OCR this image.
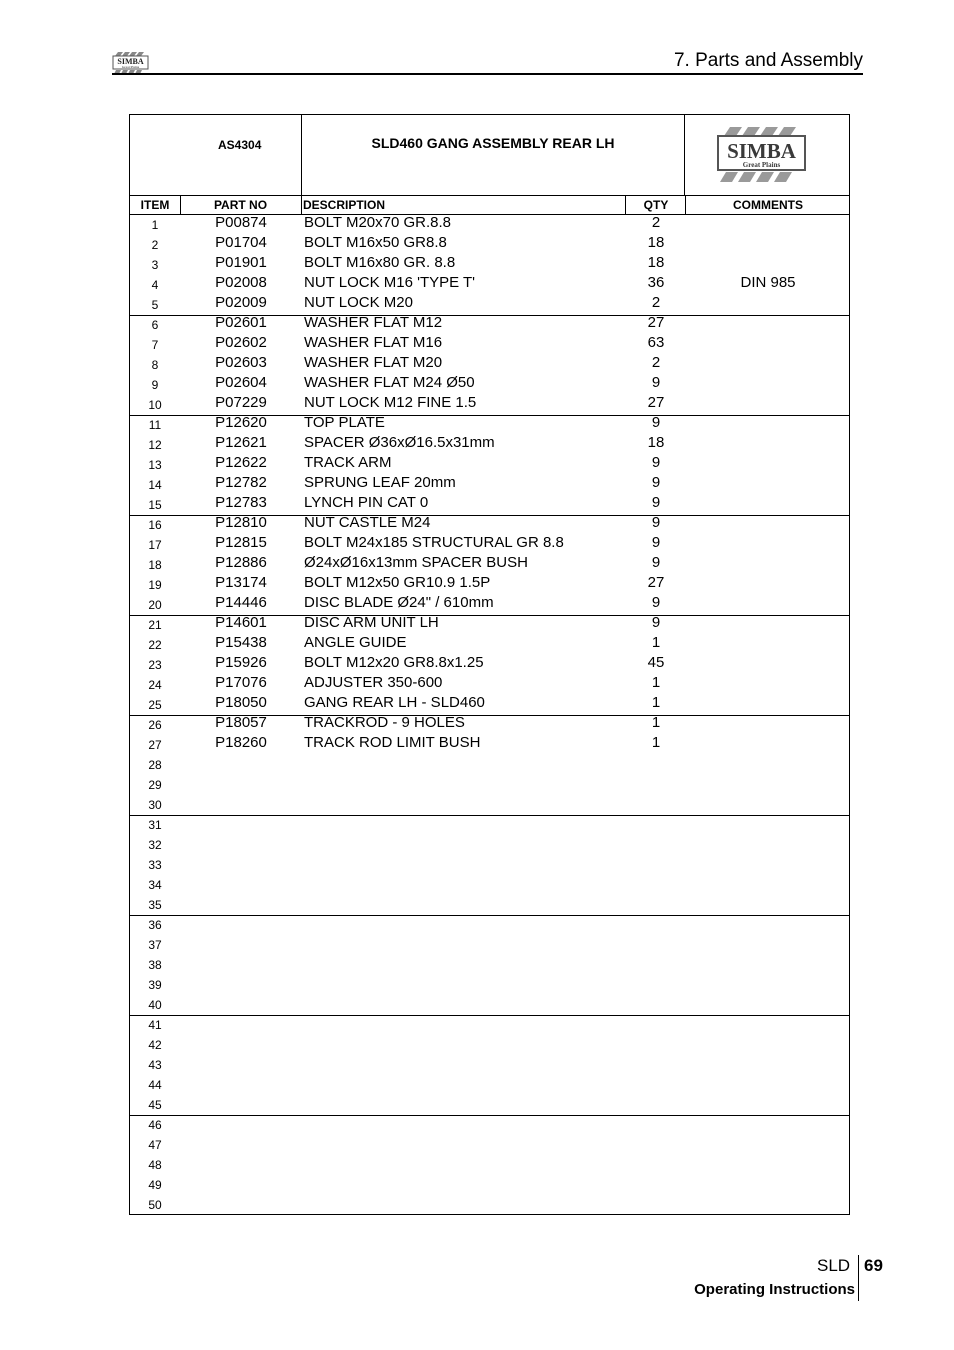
SIMBA
Great Plains	7. Parts and Assembly
AS4304	SLD460 GANG ASSEMBLY REAR LH	SIMBA
Great Plains
ITEM	PART NO	DESCRIPTION	QTY	COMMENTS
1	P00874	BOLT M20x70 GR.8.8	2
2	P01704	BOLT M16x50 GR8.8	18
3	P01901	BOLT M16x80 GR. 8.8	18
4	P02008	NUT LOCK M16 'TYPE T'	36	DIN 985
5	P02009	NUT LOCK M20	2
6	P02601	WASHER FLAT M12	27
7	P02602	WASHER FLAT M16	63
8	P02603	WASHER FLAT M20	2
9	P02604	WASHER FLAT M24 Ø50	9
10	P07229	NUT LOCK M12 FINE 1.5	27
11	P12620	TOP PLATE	9
12	P12621	SPACER Ø36xØ16.5x31mm	18
13	P12622	TRACK ARM	9
14	P12782	SPRUNG LEAF 20mm	9
15	P12783	LYNCH PIN CAT 0	9
16	P12810	NUT CASTLE M24	9
17	P12815	BOLT M24x185 STRUCTURAL GR 8.8	9
18	P12886	Ø24xØ16x13mm SPACER BUSH	9
19	P13174	BOLT M12x50 GR10.9 1.5P	27
20	P14446	DISC BLADE Ø24" / 610mm	9
21	P14601	DISC ARM UNIT LH	9
22	P15438	ANGLE GUIDE	1
23	P15926	BOLT M12x20 GR8.8x1.25	45
24	P17076	ADJUSTER 350-600	1
25	P18050	GANG REAR LH - SLD460	1
26	P18057	TRACKROD - 9 HOLES	1
27	P18260	TRACK ROD LIMIT BUSH	1
28
29
30
31
32
33
34
35
36
37
38
39
40
41
42
43
44
45
46
47
48
49
50
SLD 69
Operating Instructions
